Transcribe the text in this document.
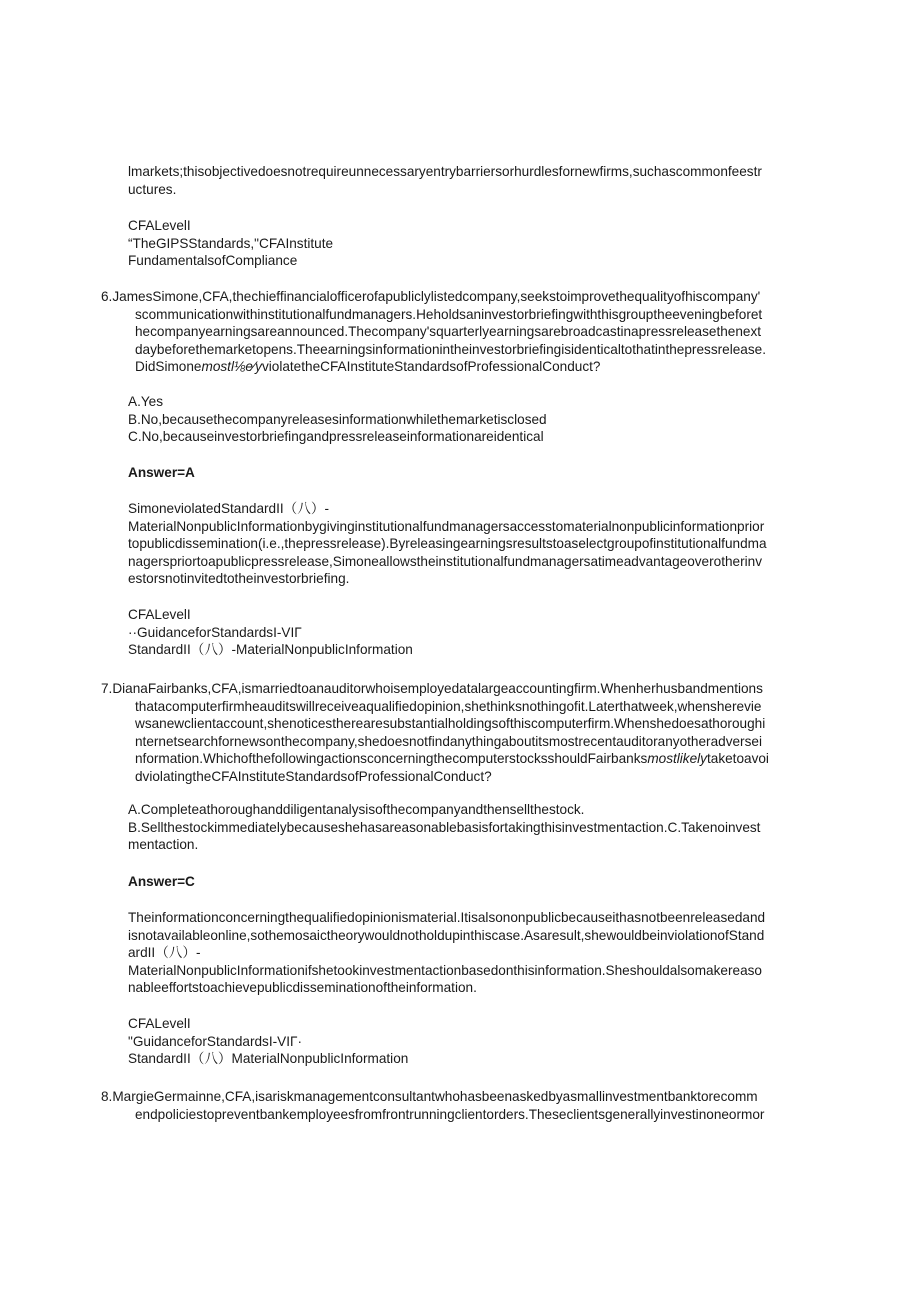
lmarkets;thisobjectivedoesnotrequireunnecessaryentrybarriersorhurdlesfornewfirms,suchascommonfeestr
uctures.
CFALevelI
“TheGIPSStandards,"CFAInstitute
FundamentalsofCompliance
6.JamesSimone,CFA,thechieffinancialofficerofapubliclylistedcompany,seekstoimprovethequalityofhiscompany'
scommunicationwithinstitutionalfundmanagers.Heholdsaninvestorbriefingwiththisgrouptheeveningbeforet
hecompanyearningsareannounced.Thecompany'squarterlyearningsarebroadcastinapressreleasethenext
daybeforethemarketopens.Theearningsinformationintheinvestorbriefingisidenticaltothatinthepressrelease.
DidSimonemostl⅛e⁄yviolatetheCFAInstituteStandardsofProfessionalConduct?
A.Yes
B.No,becausethecompanyreleasesinformationwhilethemarketisclosed
C.No,becauseinvestorbriefingandpressreleaseinformationareidentical
Answer=A
SimoneviolatedStandardII（八）-
MaterialNonpublicInformationbygivinginstitutionalfundmanagersaccesstomaterialnonpublicinformationprior
topublicdissemination(i.e.,thepressrelease).Byreleasingearningsresultstoaselectgroupofinstitutionalfundma
nagerspriortoapublicpressrelease,Simoneallowstheinstitutionalfundmanagersatimeadvantageoverotherinv
estorsnotinvitedtotheinvestorbriefing.
CFALevelI
··GuidanceforStandardsI-VIΓ
StandardII（八）-MaterialNonpublicInformation
7.DianaFairbanks,CFA,ismarriedtoanauditorwhoisemployedatalargeaccountingfirm.Whenherhusbandmentions
thatacomputerfirmheauditswillreceiveaqualifiedopinion,shethinksnothingofit.Laterthatweek,whensherevie
wsanewclientaccount,shenoticestherearesubstantialholdingsofthiscomputerfirm.Whenshedoesathoroughi
nternetsearchfornewsonthecompany,shedoesnotfindanythingaboutitsmostrecentauditoranyotheradversei
nformation.WhichofthefollowingactionsconcerningthecomputerstocksshouldFairbanksmostlikelytaketoavoi
dviolatingtheCFAInstituteStandardsofProfessionalConduct?
A.Completeathoroughanddiligentanalysisofthecompanyandthensellthestock.
B.Sellthestockimmediatelybecauseshehasareasonablebasisfortakingthisinvestmentaction.C.Takenoinvest
mentaction.
Answer=C
Theinformationconcerningthequalifiedopinionismaterial.Itisalsononpublicbecauseithasnotbeenreleasedand
isnotavailableonline,sothemosaictheorywouldnotholdupinthiscase.Asaresult,shewouldbeinviolationofStand
ardII（八）-
MaterialNonpublicInformationifshetookinvestmentactionbasedonthisinformation.Sheshouldalsomakereaso
nableeffortstoachievepublicdisseminationoftheinformation.
CFALevelI
"GuidanceforStandardsI-VIΓ·
StandardII（八）MaterialNonpublicInformation
8.MargieGermainne,CFA,isariskmanagementconsultantwhohasbeenaskedbyasmallinvestmentbanktorecomm
endpoliciestopreventbankemployeesfromfrontrunningclientorders.Theseclientsgenerallyinvestinoneormor
